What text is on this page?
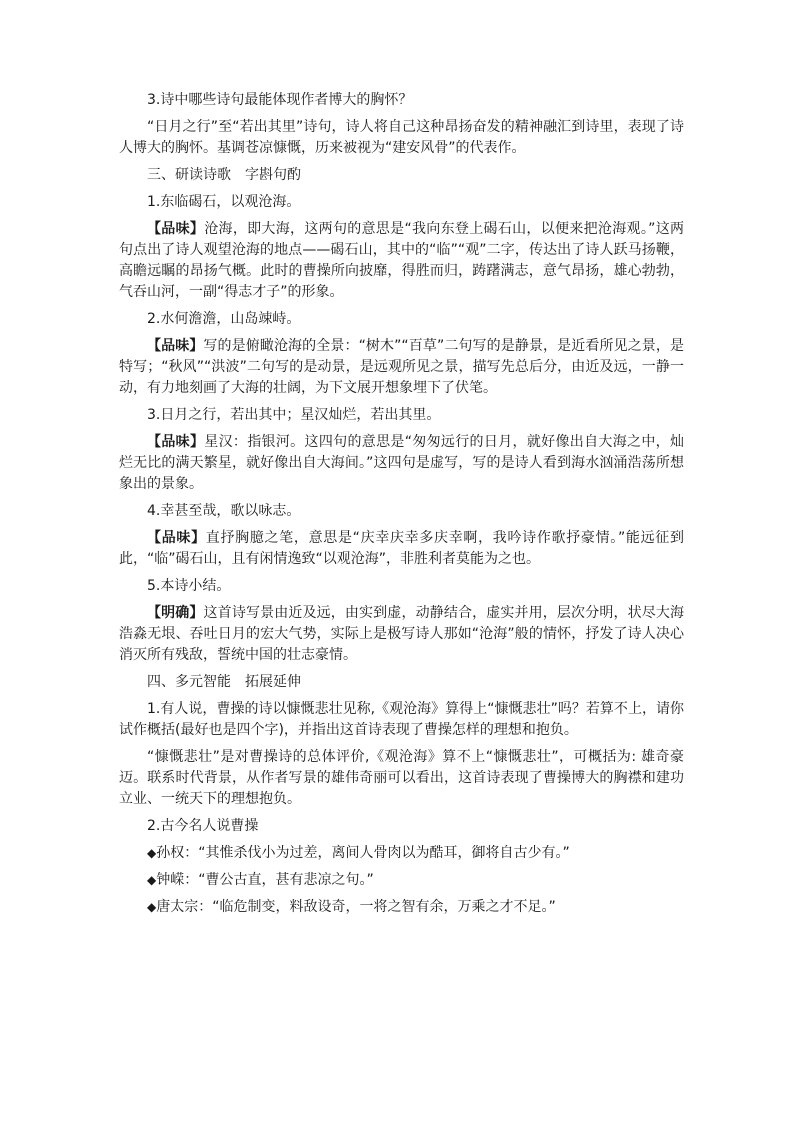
3.诗中哪些诗句最能体现作者博大的胸怀？

“日月之行”至“若出其里”诗句，诗人将自己这种昂扬奋发的精神融汇到诗里，表现了诗人博大的胸怀。基调苍凉慷慨，历来被视为“建安风骨”的代表作。

三、研读诗歌　字斟句酌

1.东临碣石，以观沧海。

【品味】沧海，即大海，这两句的意思是“我向东登上碣石山，以便来把沧海观。”这两句点出了诗人观望沧海的地点——碣石山，其中的“临”“观”二字，传达出了诗人跃马扬鞭，高瞻远瞩的昂扬气概。此时的曹操所向披靡，得胜而归，踌躇满志，意气昂扬，雄心勃勃，气吞山河，一副“得志才子”的形象。

2.水何澹澹，山岛竦峙。

【品味】写的是俯瞰沧海的全景：“树木”“百草”二句写的是静景，是近看所见之景，是特写；“秋风”“洪波”二句写的是动景，是远观所见之景，描写先总后分，由近及远，一静一动，有力地刻画了大海的壮阔，为下文展开想象埋下了伏笔。

3.日月之行，若出其中；星汉灿烂，若出其里。

【品味】星汉：指银河。这四句的意思是“匆匆远行的日月，就好像出自大海之中，灿烂无比的满天繁星，就好像出自大海间。”这四句是虚写，写的是诗人看到海水汹涌浩荡所想象出的景象。

4.幸甚至哉，歌以咏志。

【品味】直抒胸臆之笔，意思是“庆幸庆幸多庆幸啊，我吟诗作歌抒豪情。”能远征到此，“临”碣石山，且有闲情逸致“以观沧海”，非胜利者莫能为之也。

5.本诗小结。

【明确】这首诗写景由近及远，由实到虚，动静结合，虚实并用，层次分明，状尽大海浩淼无垠、吞吐日月的宏大气势，实际上是极写诗人那如“沧海”般的情怀，抒发了诗人决心消灭所有残敌，誓统中国的壮志豪情。

四、多元智能　拓展延伸

1.有人说，曹操的诗以慷慨悲壮见称,《观沧海》算得上“慷慨悲壮”吗？若算不上，请你试作概括(最好也是四个字)，并指出这首诗表现了曹操怎样的理想和抱负。

“慷慨悲壮”是对曹操诗的总体评价,《观沧海》算不上“慷慨悲壮”，可概括为: 雄奇豪迈。联系时代背景，从作者写景的雄伟奇丽可以看出，这首诗表现了曹操博大的胸襟和建功立业、一统天下的理想抱负。

2.古今名人说曹操

◆孙权：“其惟杀伐小为过差，离间人骨肉以为酷耳，御将自古少有。”

◆钟嵘：“曹公古直，甚有悲凉之句。”

◆唐太宗：“临危制变，料敌设奇，一将之智有余，万乘之才不足。”
